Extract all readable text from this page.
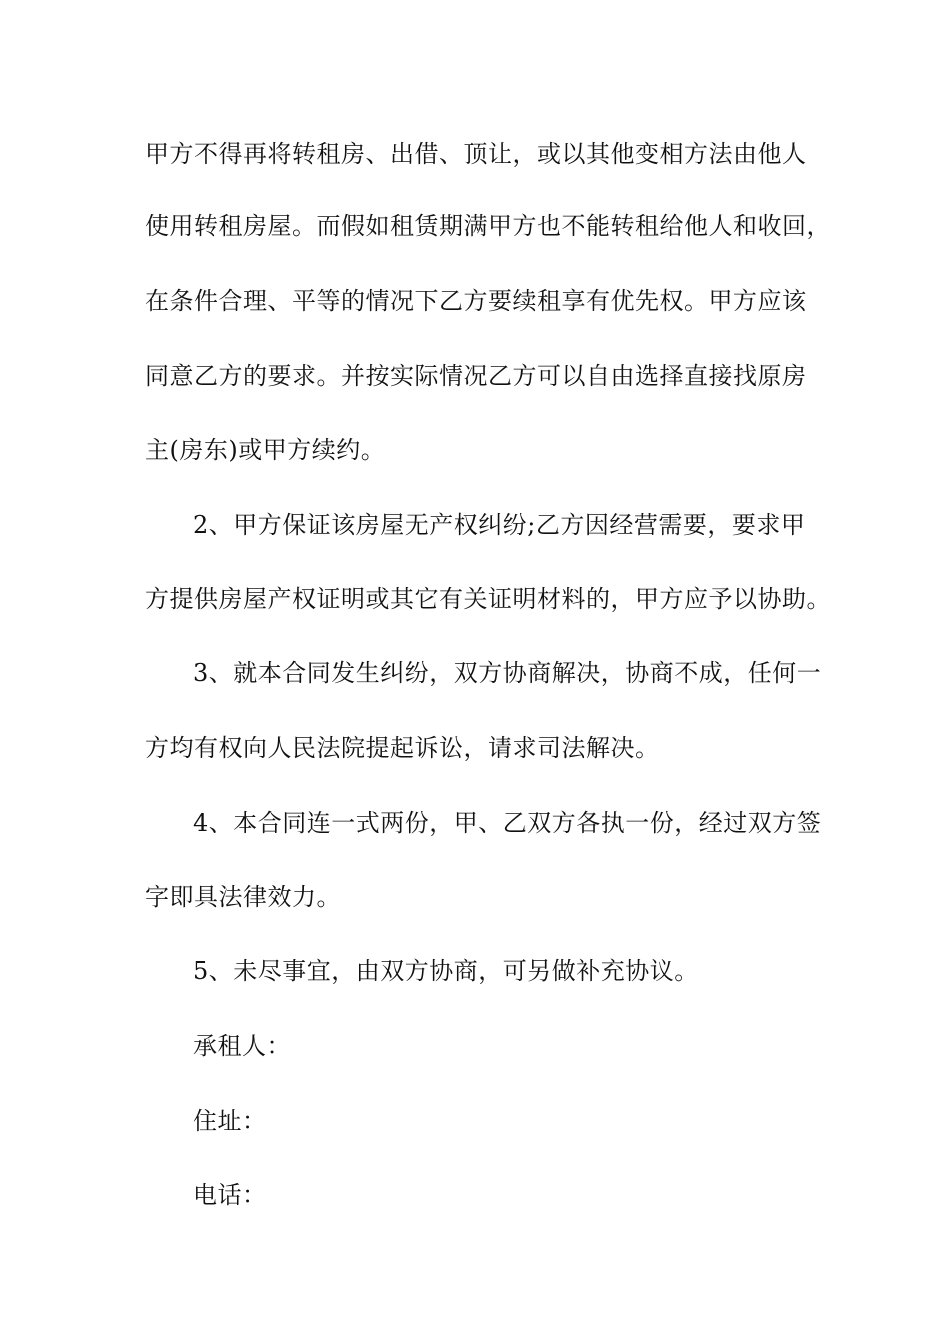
甲方不得再将转租房、出借、顶让，或以其他变相方法由他人
使用转租房屋。而假如租赁期满甲方也不能转租给他人和收回，
在条件合理、平等的情况下乙方要续租享有优先权。甲方应该
同意乙方的要求。并按实际情况乙方可以自由选择直接找原房
主(房东)或甲方续约。
2、甲方保证该房屋无产权纠纷;乙方因经营需要，要求甲
方提供房屋产权证明或其它有关证明材料的，甲方应予以协助。
3、就本合同发生纠纷，双方协商解决，协商不成，任何一
方均有权向人民法院提起诉讼，请求司法解决。
4、本合同连一式两份，甲、乙双方各执一份，经过双方签
字即具法律效力。
5、未尽事宜，由双方协商，可另做补充协议。
承租人：
住址：
电话：
